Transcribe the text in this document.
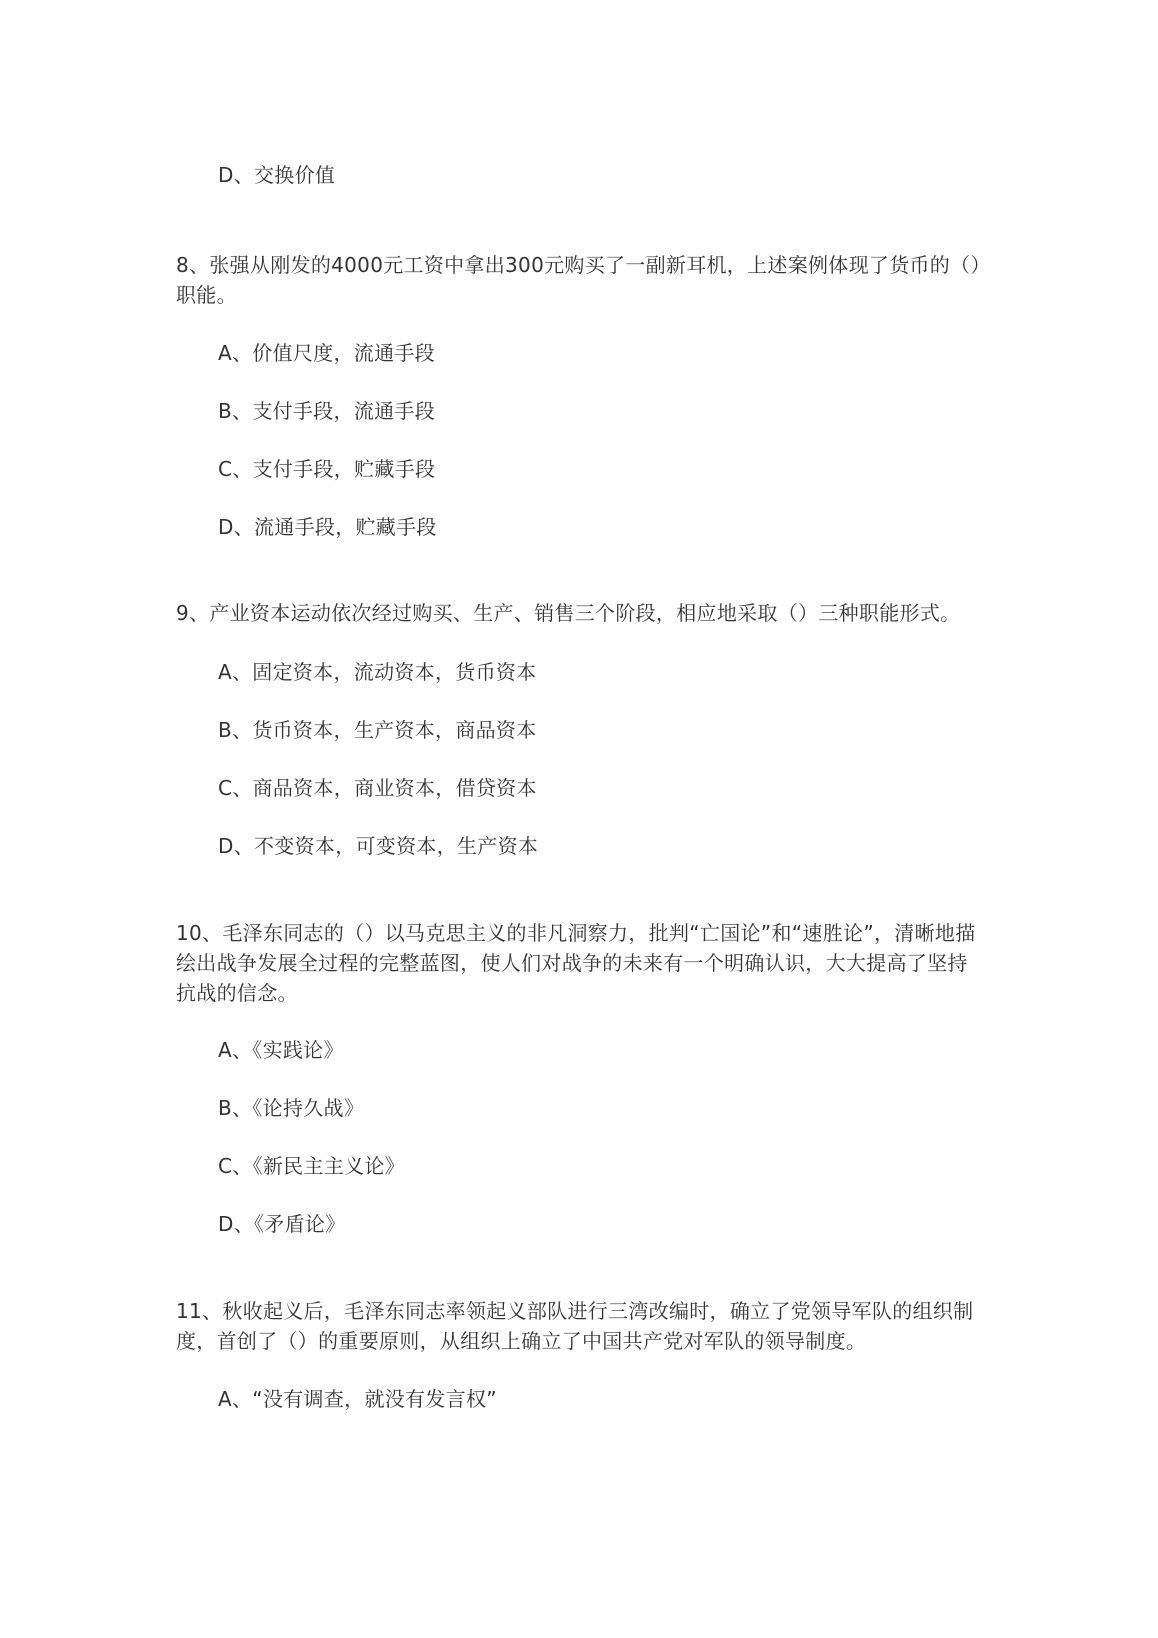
D、交换价值
8、张强从刚发的4000元工资中拿出300元购买了一副新耳机，上述案例体现了货币的（）职能。
A、价值尺度，流通手段
B、支付手段，流通手段
C、支付手段，贮藏手段
D、流通手段，贮藏手段
9、产业资本运动依次经过购买、生产、销售三个阶段，相应地采取（）三种职能形式。
A、固定资本，流动资本，货币资本
B、货币资本，生产资本，商品资本
C、商品资本，商业资本，借贷资本
D、不变资本，可变资本，生产资本
10、毛泽东同志的（）以马克思主义的非凡洞察力，批判“亡国论”和“速胜论”，清晰地描绘出战争发展全过程的完整蓝图，使人们对战争的未来有一个明确认识，大大提高了坚持抗战的信念。
A、《实践论》
B、《论持久战》
C、《新民主主义论》
D、《矛盾论》
11、秋收起义后，毛泽东同志率领起义部队进行三湾改编时，确立了党领导军队的组织制度，首创了（）的重要原则，从组织上确立了中国共产党对军队的领导制度。
A、“没有调查，就没有发言权”
